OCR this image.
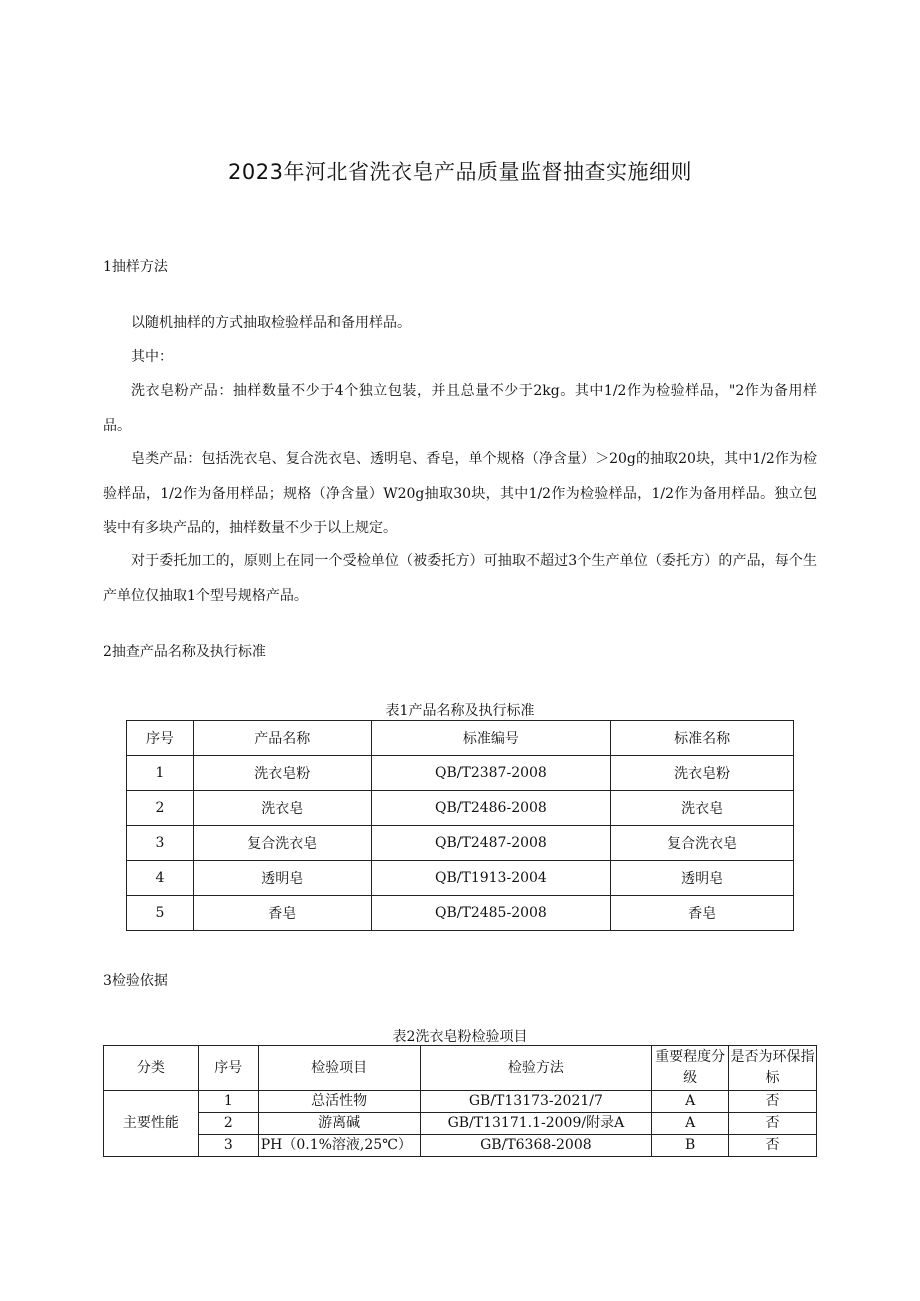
2023年河北省洗衣皂产品质量监督抽查实施细则
1抽样方法

以随机抽样的方式抽取检验样品和备用样品。

其中：

洗衣皂粉产品：抽样数量不少于4个独立包装，并且总量不少于2kg。其中1/2作为检验样品，"2作为备用样品。

皂类产品：包括洗衣皂、复合洗衣皂、透明皂、香皂，单个规格（净含量）＞20g的抽取20块，其中1/2作为检验样品，1/2作为备用样品；规格（净含量）W20g抽取30块，其中1/2作为检验样品，1/2作为备用样品。独立包装中有多块产品的，抽样数量不少于以上规定。

对于委托加工的，原则上在同一个受检单位（被委托方）可抽取不超过3个生产单位（委托方）的产品，每个生产单位仅抽取1个型号规格产品。

2抽查产品名称及执行标准
表1产品名称及执行标准
序号	产品名称	标准编号	标准名称
1	洗衣皂粉	QB/T2387-2008	洗衣皂粉
2	洗衣皂	QB/T2486-2008	洗衣皂
3	复合洗衣皂	QB/T2487-2008	复合洗衣皂
4	透明皂	QB/T1913-2004	透明皂
5	香皂	QB/T2485-2008	香皂
3检验依据
表2洗衣皂粉检验项目
分类	序号	检验项目	检验方法	重要程度分级	是否为环保指标
主要性能	1	总活性物	GB/T13173-2021/7	A	否
	2	游离碱	GB/T13171.1-2009/附录A	A	否
	3	PH（0.1%溶液,25℃）	GB/T6368-2008	B	否
